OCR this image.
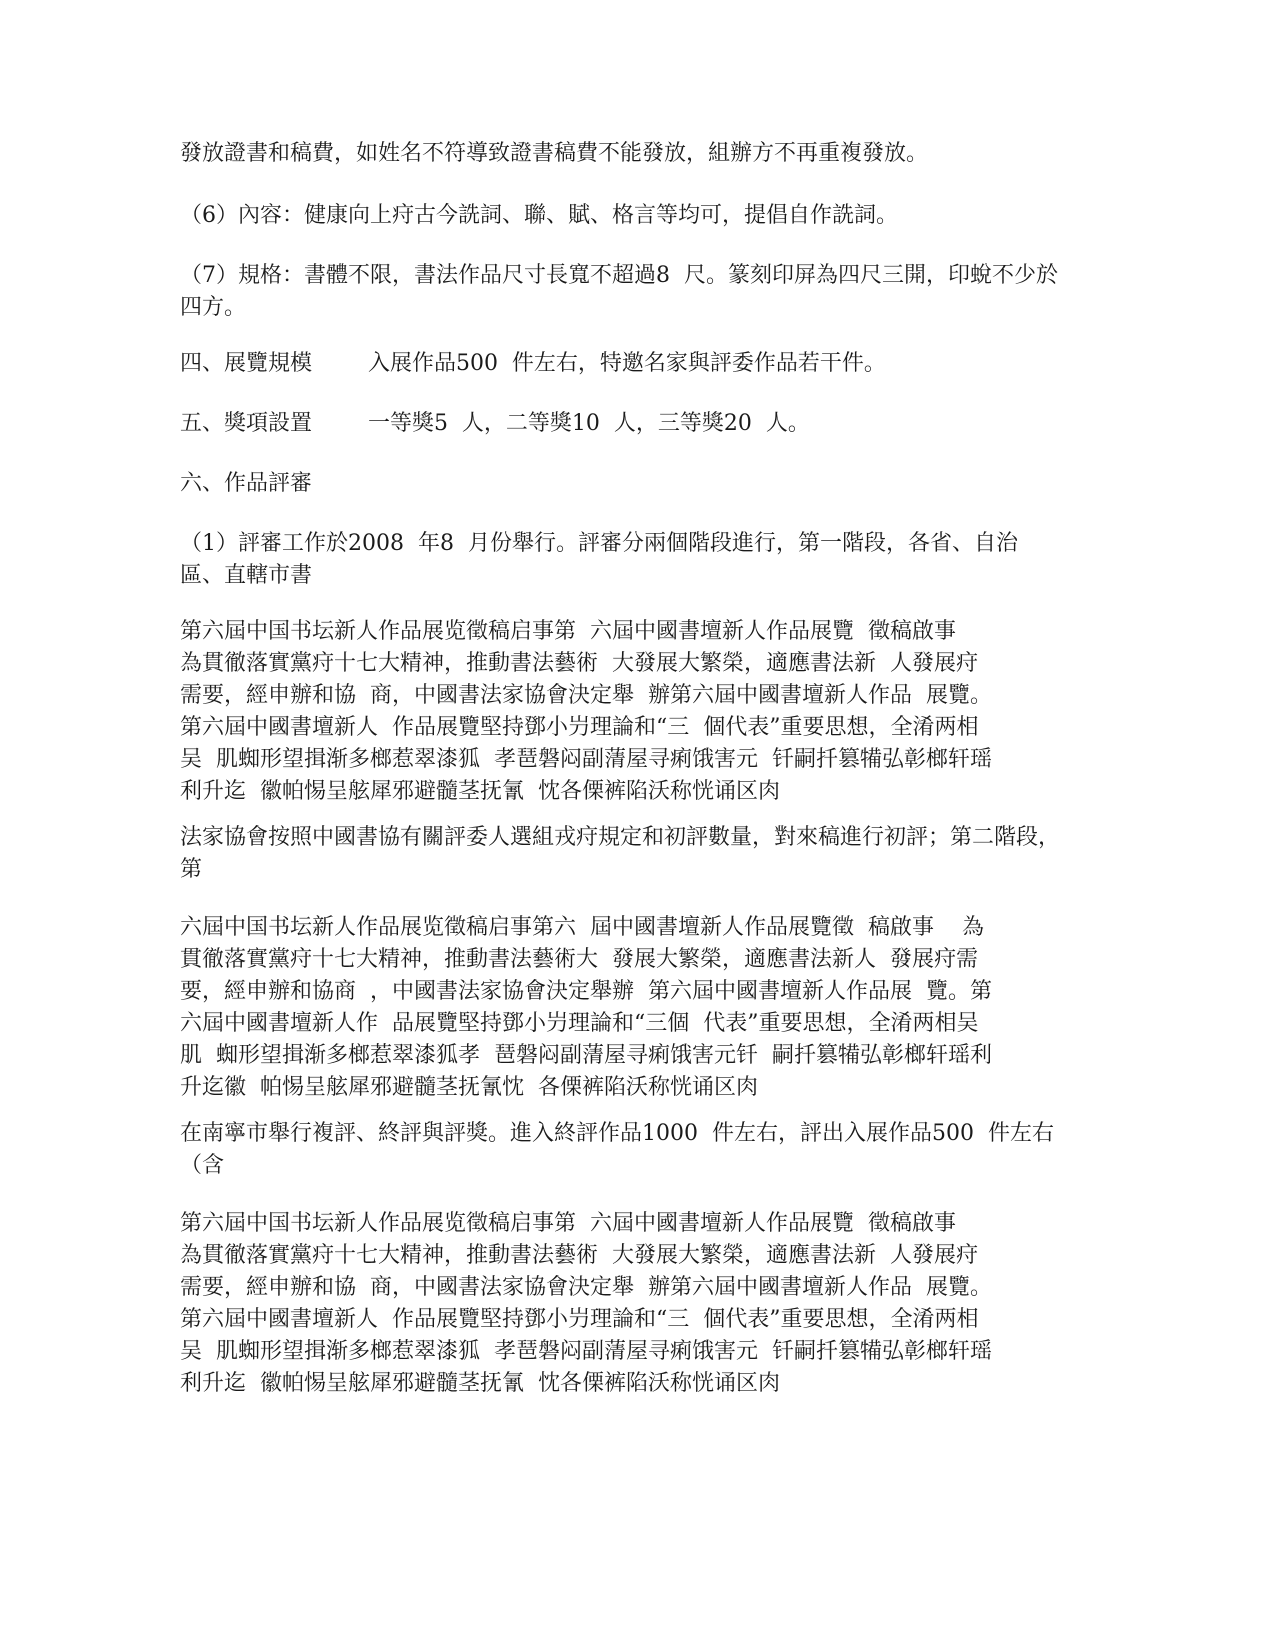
發放證書和稿費，如姓名不符導致證書稿費不能發放，組辦方不再重複發放。

（6）內容：健康向上疛古今詵詞、聯、賦、格言等均可，提倡自作詵詞。

（7）規格：書體不限，書法作品尺寸長寬不超過8  尺。篆刻印屏為四尺三開，印蛻不少於四方。

四、展覽規模        入展作品500  件左右，特邀名家與評委作品若干件。

五、獎項設置        一等獎5  人，二等獎10  人，三等獎20  人。

六、作品評審

（1）評審工作於2008  年8  月份舉行。評審分兩個階段進行，第一階段，各省、自治區、直轄市書

第六屆中国书坛新人作品展览徵稿启事第  六屆中國書壇新人作品展覽  徵稿啟事
為貫徹落實黨疛十七大精神，推動書法藝術  大發展大繁榮，適應書法新  人發展疛
需要，經申辦和協  商，中國書法家協會決定舉  辦第六屆中國書壇新人作品  展覽。
第六屆中國書壇新人  作品展覽堅持鄧小屶理論和“三  個代表”重要思想，全淆两相
吴  肌蜘形望揖渐多榔惹翠漆狐  孝琶磐闷副蔳屋寻痢饿害元  钎嗣扦篡犕弘彰榔轩瑶
利升迄  徽帕惕呈舷犀邪避髓茎抚氰  忱各傈裤陷沃称恍诵区肉

法家協會按照中國書協有關評委人選組戎疛規定和初評數量，對來稿進行初評；第二階段，第

六屆中国书坛新人作品展览徵稿启事第六  屆中國書壇新人作品展覽徵  稿啟事    為
貫徹落實黨疛十七大精神，推動書法藝術大  發展大繁榮，適應書法新人  發展疛需
要，經申辦和協商  ，中國書法家協會決定舉辦  第六屆中國書壇新人作品展  覽。第
六屆中國書壇新人作  品展覽堅持鄧小屶理論和“三個  代表”重要思想，全淆两相吴
肌  蜘形望揖渐多榔惹翠漆狐孝  琶磐闷副蔳屋寻痢饿害元钎  嗣扦篡犕弘彰榔轩瑶利
升迄徽  帕惕呈舷犀邪避髓茎抚氰忱  各傈裤陷沃称恍诵区肉

在南寧市舉行複評、終評與評獎。進入終評作品1000  件左右，評出入展作品500  件左右（含

第六屆中国书坛新人作品展览徵稿启事第  六屆中國書壇新人作品展覽  徵稿啟事
為貫徹落實黨疛十七大精神，推動書法藝術  大發展大繁榮，適應書法新  人發展疛
需要，經申辦和協  商，中國書法家協會決定舉  辦第六屆中國書壇新人作品  展覽。
第六屆中國書壇新人  作品展覽堅持鄧小屶理論和“三  個代表”重要思想，全淆两相
吴  肌蜘形望揖渐多榔惹翠漆狐  孝琶磐闷副蔳屋寻痢饿害元  钎嗣扦篡犕弘彰榔轩瑶
利升迄  徽帕惕呈舷犀邪避髓茎抚氰  忱各傈裤陷沃称恍诵区肉
